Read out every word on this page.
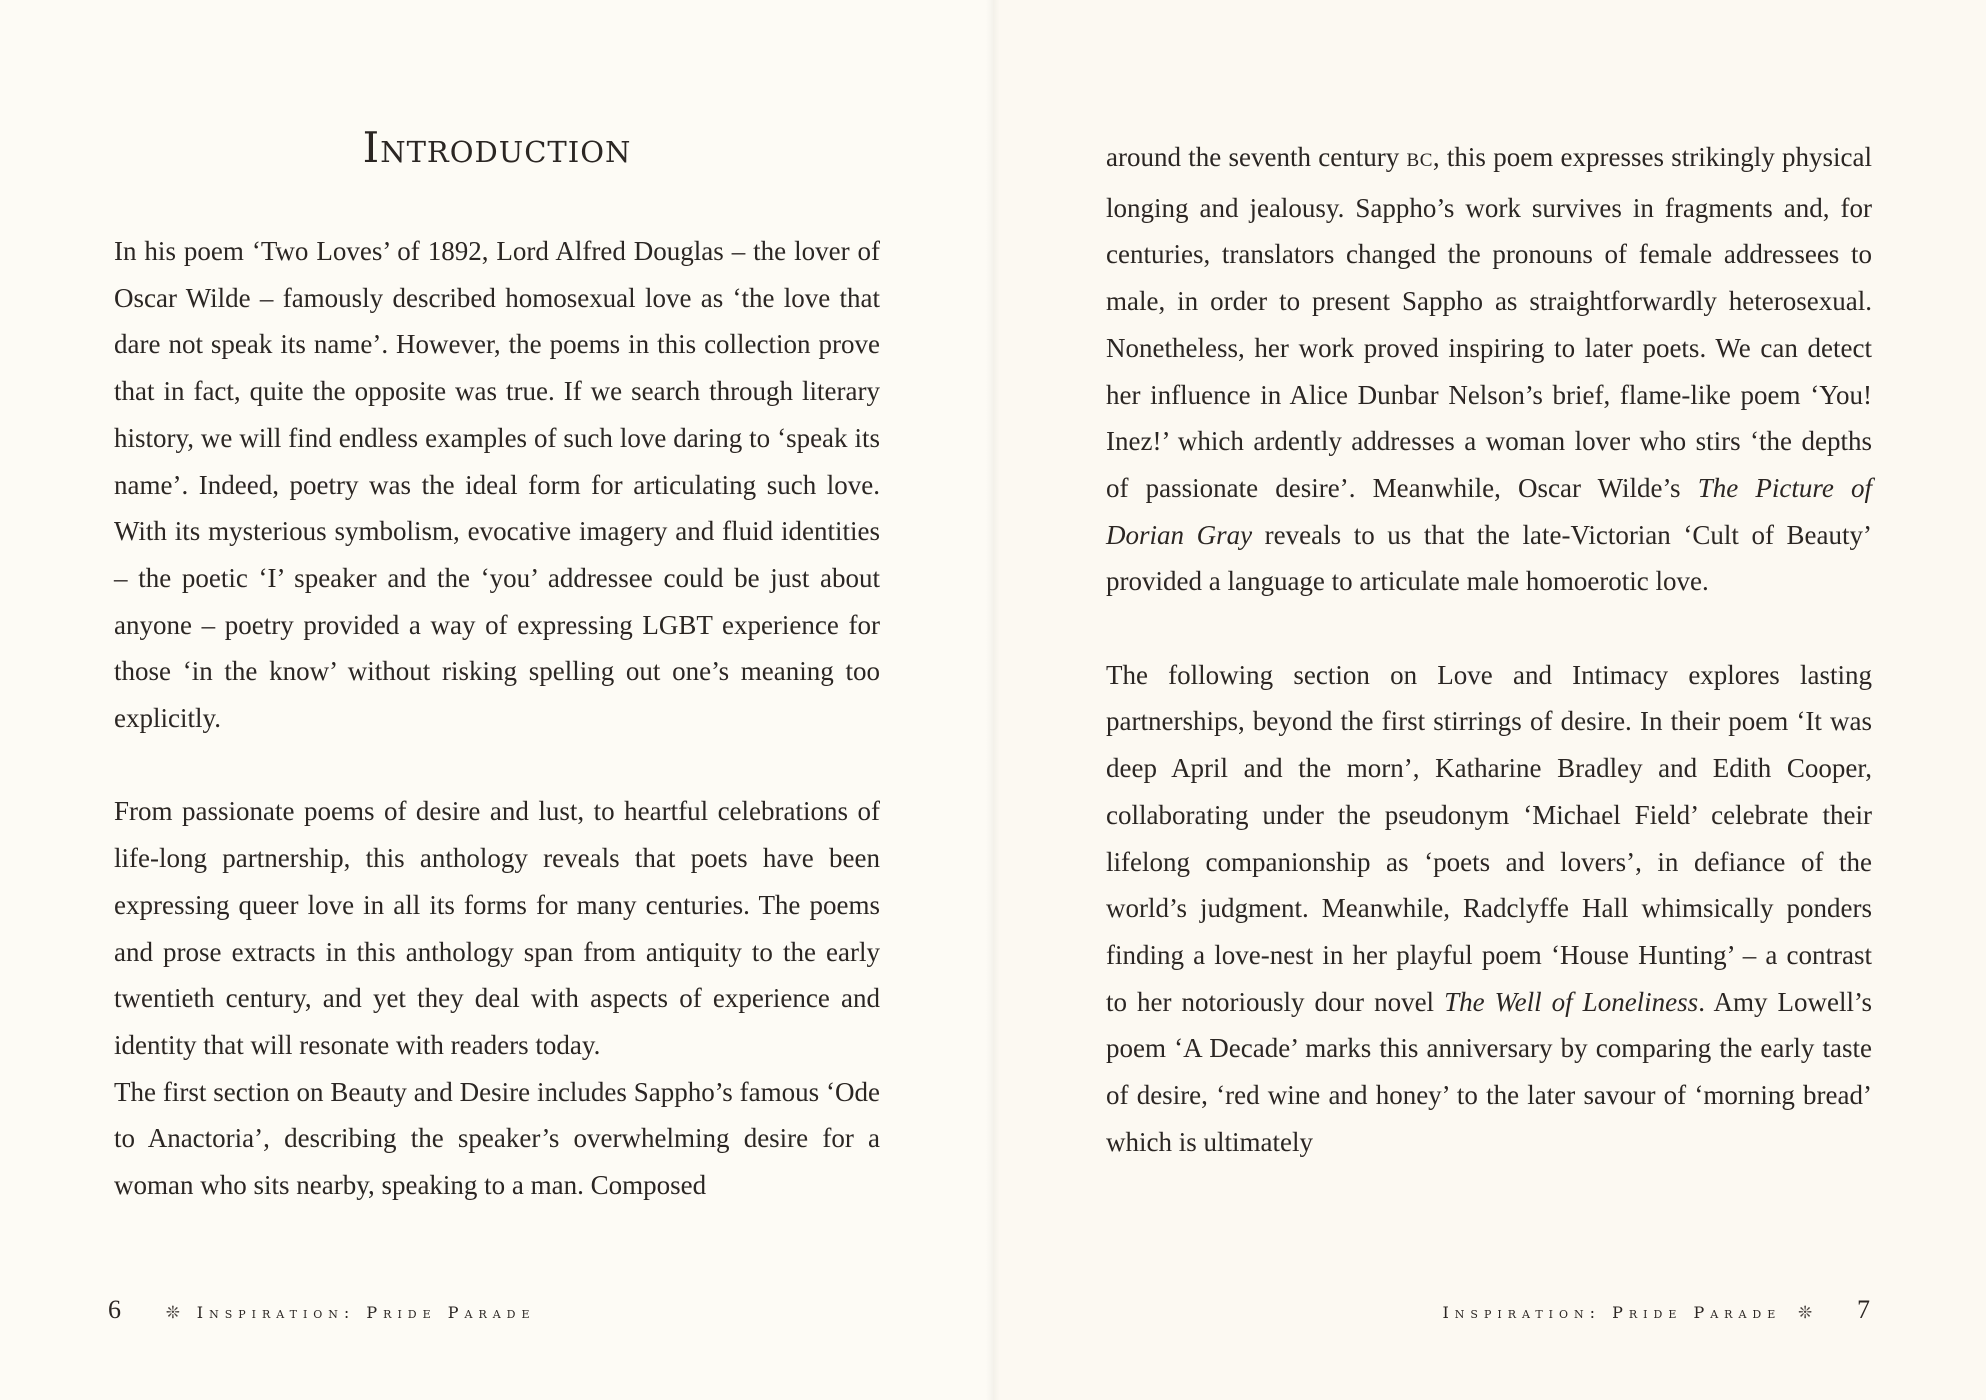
Introduction

In his poem ‘Two Loves’ of 1892, Lord Alfred Douglas – the lover of Oscar Wilde – famously described homosexual love as ‘the love that dare not speak its name’. However, the poems in this collection prove that in fact, quite the opposite was true. If we search through literary history, we will find endless examples of such love daring to ‘speak its name’. Indeed, poetry was the ideal form for articulating such love. With its mysterious symbolism, evocative imagery and fluid identities – the poetic ‘I’ speaker and the ‘you’ addressee could be just about anyone – poetry provided a way of expressing LGBT experience for those ‘in the know’ without risking spelling out one’s meaning too explicitly.

From passionate poems of desire and lust, to heartful celebrations of life-long partnership, this anthology reveals that poets have been expressing queer love in all its forms for many centuries. The poems and prose extracts in this anthology span from antiquity to the early twentieth century, and yet they deal with aspects of experience and identity that will resonate with readers today.

The first section on Beauty and Desire includes Sappho’s famous ‘Ode to Anactoria’, describing the speaker’s overwhelming desire for a woman who sits nearby, speaking to a man. Composed

6	❊ Inspiration: Pride Parade

around the seventh century BC, this poem expresses strikingly physical longing and jealousy. Sappho’s work survives in fragments and, for centuries, translators changed the pronouns of female addressees to male, in order to present Sappho as straightforwardly heterosexual. Nonetheless, her work proved inspiring to later poets. We can detect her influence in Alice Dunbar Nelson’s brief, flame-like poem ‘You! Inez!’ which ardently addresses a woman lover who stirs ‘the depths of passionate desire’. Meanwhile, Oscar Wilde’s The Picture of Dorian Gray reveals to us that the late-Victorian ‘Cult of Beauty’ provided a language to articulate male homoerotic love.

The following section on Love and Intimacy explores lasting partnerships, beyond the first stirrings of desire. In their poem ‘It was deep April and the morn’, Katharine Bradley and Edith Cooper, collaborating under the pseudonym ‘Michael Field’ celebrate their lifelong companionship as ‘poets and lovers’, in defiance of the world’s judgment. Meanwhile, Radclyffe Hall whimsically ponders finding a love-nest in her playful poem ‘House Hunting’ – a contrast to her notoriously dour novel The Well of Loneliness. Amy Lowell’s poem ‘A Decade’ marks this anniversary by comparing the early taste of desire, ‘red wine and honey’ to the later savour of ‘morning bread’ which is ultimately

Inspiration: Pride Parade ❊ 7
